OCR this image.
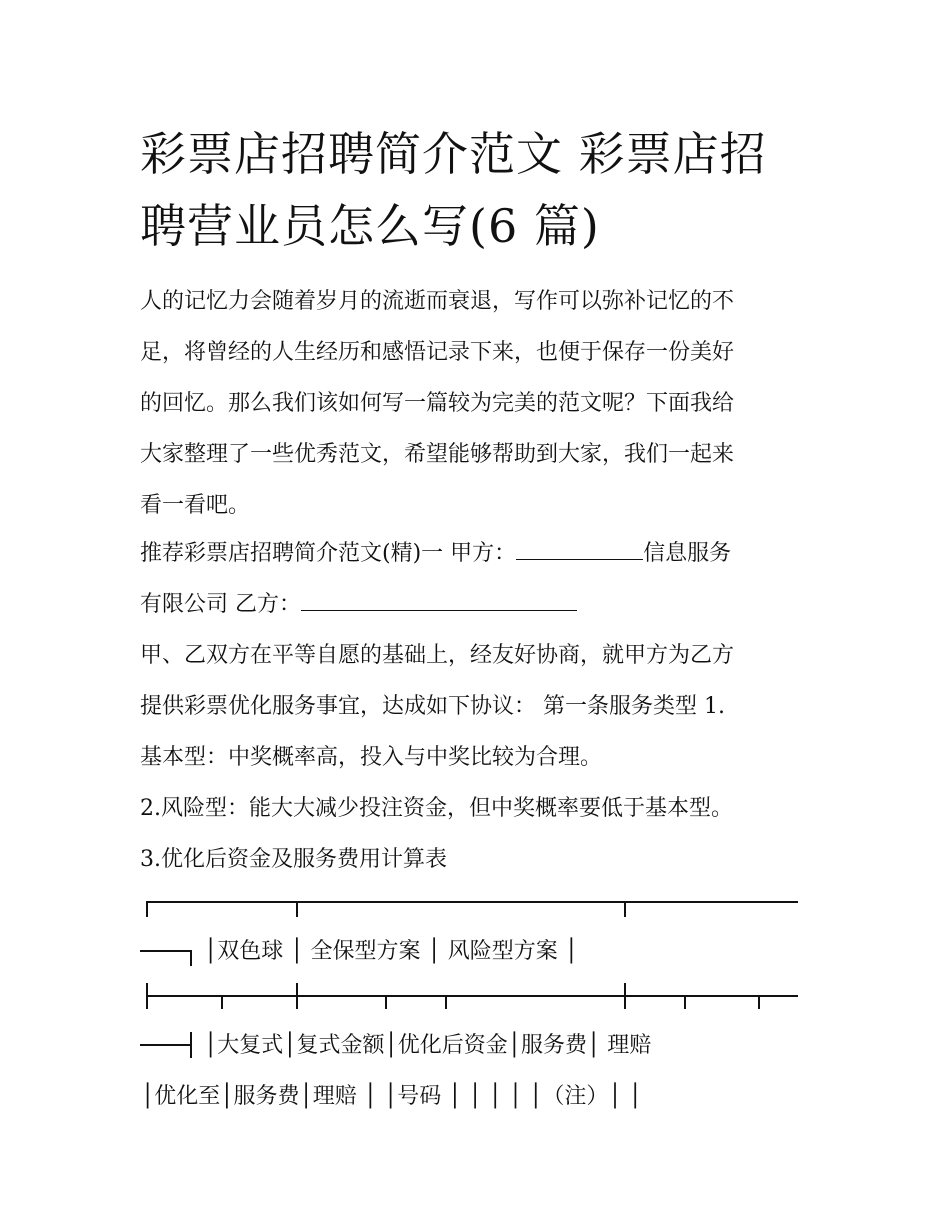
彩票店招聘简介范文 彩票店招
聘营业员怎么写(6 篇)

人的记忆力会随着岁月的流逝而衰退，写作可以弥补记忆的不
足，将曾经的人生经历和感悟记录下来，也便于保存一份美好
的回忆。那么我们该如何写一篇较为完美的范文呢？下面我给
大家整理了一些优秀范文，希望能够帮助到大家，我们一起来
看一看吧。

推荐彩票店招聘简介范文(精)一 甲方：	信息服务
有限公司 乙方：

甲、乙双方在平等自愿的基础上，经友好协商，就甲方为乙方
提供彩票优化服务事宜，达成如下协议： 第一条服务类型 1.
基本型：中奖概率高，投入与中奖比较为合理。
2.风险型：能大大减少投注资金，但中奖概率要低于基本型。
3.优化后资金及服务费用计算表

│双色球 │ 全保型方案 │ 风险型方案 │
│大复式│复式金额│优化后资金│服务费│ 理赔
│优化至│服务费│理赔 │ │号码 │ │ │ │ │（注）│ │
